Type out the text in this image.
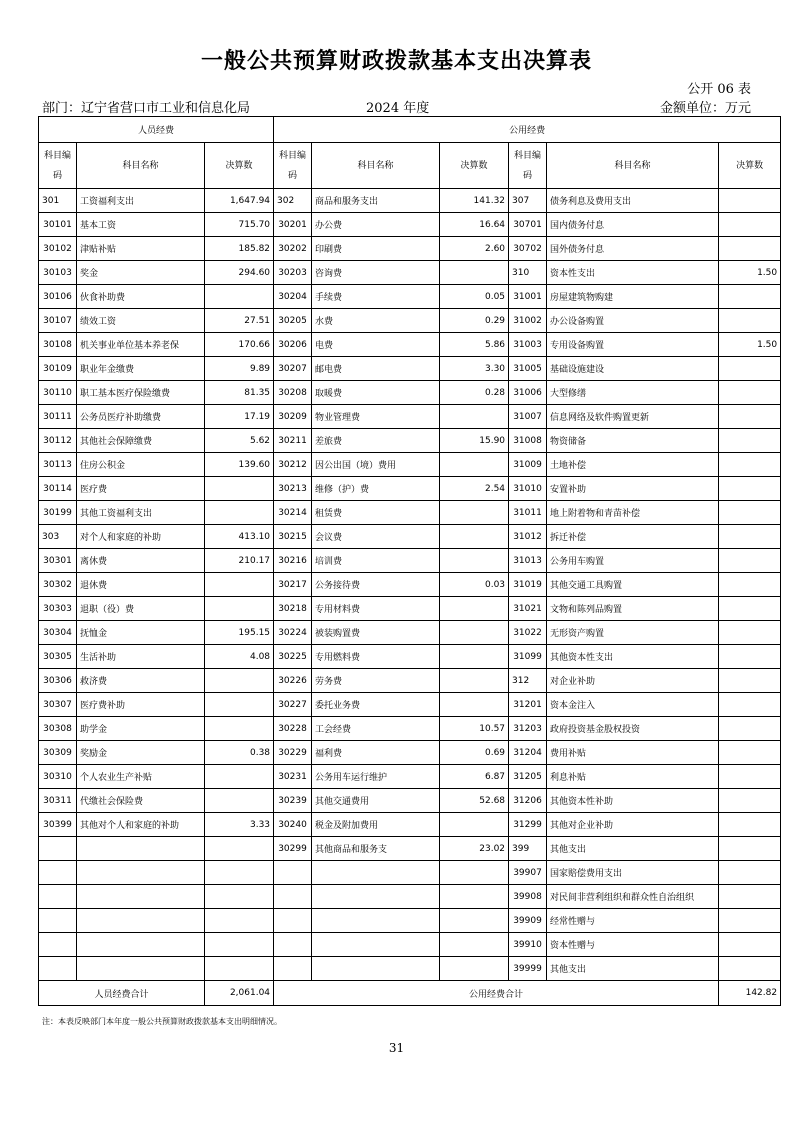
一般公共预算财政拨款基本支出决算表
公开 06 表
部门：辽宁省营口市工业和信息化局	2024 年度	金额单位：万元
人员经费			公用经费					
科目编码	科目名称	决算数	科目编码	科目名称	决算数	科目编码	科目名称	决算数
301	工资福利支出	1,647.94	302	商品和服务支出	141.32	307	债务利息及费用支出	
30101	基本工资	715.70	30201	办公费	16.64	30701	国内债务付息	
30102	津贴补贴	185.82	30202	印刷费	2.60	30702	国外债务付息	
30103	奖金	294.60	30203	咨询费		310	资本性支出	1.50
30106	伙食补助费		30204	手续费	0.05	31001	房屋建筑物购建	
30107	绩效工资	27.51	30205	水费	0.29	31002	办公设备购置	
30108	机关事业单位基本养老保	170.66	30206	电费	5.86	31003	专用设备购置	1.50
30109	职业年金缴费	9.89	30207	邮电费	3.30	31005	基础设施建设	
30110	职工基本医疗保险缴费	81.35	30208	取暖费	0.28	31006	大型修缮	
30111	公务员医疗补助缴费	17.19	30209	物业管理费		31007	信息网络及软件购置更新	
30112	其他社会保障缴费	5.62	30211	差旅费	15.90	31008	物资储备	
30113	住房公积金	139.60	30212	因公出国（境）费用		31009	土地补偿	
30114	医疗费		30213	维修（护）费	2.54	31010	安置补助	
30199	其他工资福利支出		30214	租赁费		31011	地上附着物和青苗补偿	
303	对个人和家庭的补助	413.10	30215	会议费		31012	拆迁补偿	
30301	离休费	210.17	30216	培训费		31013	公务用车购置	
30302	退休费		30217	公务接待费	0.03	31019	其他交通工具购置	
30303	退职（役）费		30218	专用材料费		31021	文物和陈列品购置	
30304	抚恤金	195.15	30224	被装购置费		31022	无形资产购置	
30305	生活补助	4.08	30225	专用燃料费		31099	其他资本性支出	
30306	救济费		30226	劳务费		312	对企业补助	
30307	医疗费补助		30227	委托业务费		31201	资本金注入	
30308	助学金		30228	工会经费	10.57	31203	政府投资基金股权投资	
30309	奖励金	0.38	30229	福利费	0.69	31204	费用补贴	
30310	个人农业生产补贴		30231	公务用车运行维护	6.87	31205	利息补贴	
30311	代缴社会保险费		30239	其他交通费用	52.68	31206	其他资本性补助	
30399	其他对个人和家庭的补助	3.33	30240	税金及附加费用		31299	其他对企业补助	
			30299	其他商品和服务支	23.02	399	其他支出	
						39907	国家赔偿费用支出	
						39908	对民间非营利组织和群众性自治组织	
						39909	经常性赠与	
						39910	资本性赠与	
						39999	其他支出	
人员经费合计		2,061.04	公用经费合计					142.82
注：本表反映部门本年度一般公共预算财政拨款基本支出明细情况。
31
